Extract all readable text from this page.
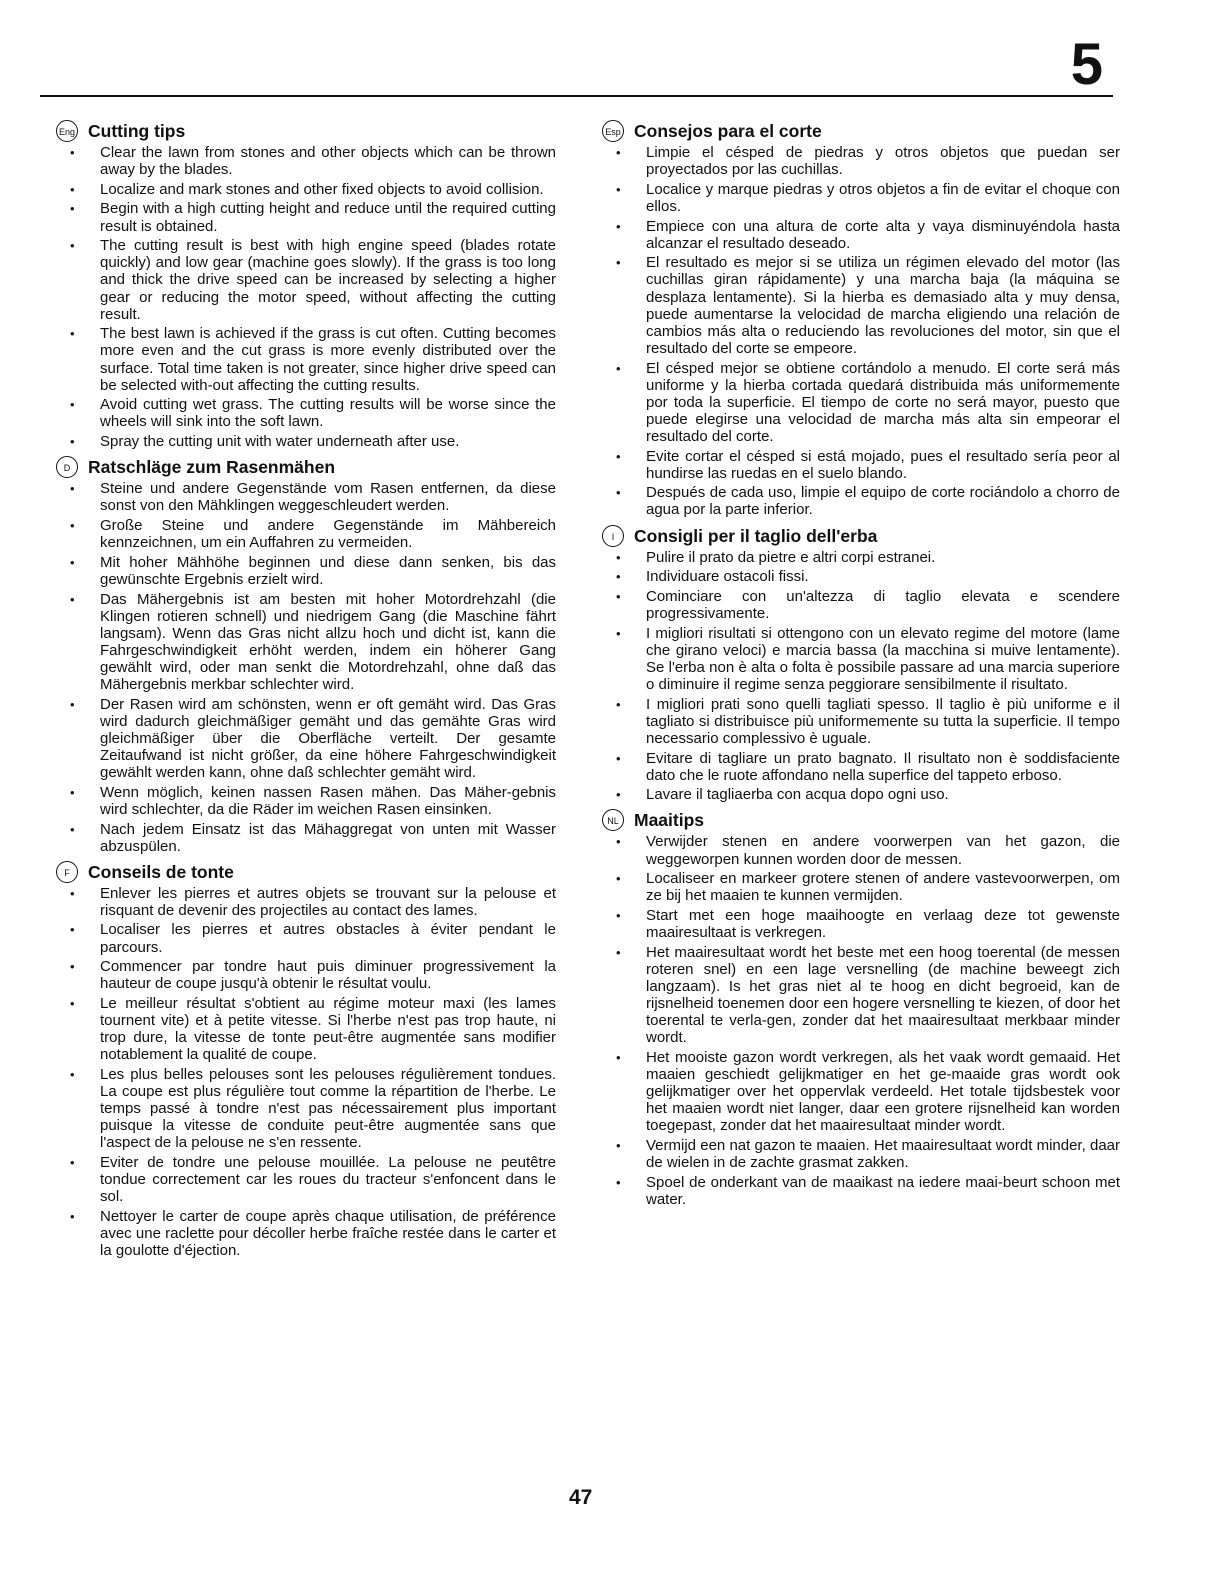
5
Eng Cutting tips
• Clear the lawn from stones and other objects which can be thrown away by the blades.
• Localize and mark stones and other fixed objects to avoid collision.
• Begin with a high cutting height and reduce until the required cutting result is obtained.
• The cutting result is best with high engine speed (blades rotate quickly) and low gear (machine goes slowly). If the grass is too long and thick the drive speed can be increased by selecting a higher gear or reducing the motor speed, without affecting the cutting result.
• The best lawn is achieved if the grass is cut often. Cutting becomes more even and the cut grass is more evenly distributed over the surface. Total time taken is not greater, since higher drive speed can be selected with-out affecting the cutting results.
• Avoid cutting wet grass. The cutting results will be worse since the wheels will sink into the soft lawn.
• Spray the cutting unit with water underneath after use.
D	Ratschläge zum Rasenmähen
• Steine und andere Gegenstände vom Rasen entfernen, da diese sonst von den Mähklingen weggeschleudert werden.
• Große Steine und andere Gegenstände im Mähbereich kennzeichnen, um ein Auffahren zu vermeiden.
• Mit hoher Mähhöhe beginnen und diese dann senken, bis das gewünschte Ergebnis erzielt wird.
• Das Mähergebnis ist am besten mit hoher Motordrehzahl (die Klingen rotieren schnell) und niedrigem Gang (die Maschine fährt langsam). Wenn das Gras nicht allzu hoch und dicht ist, kann die Fahrgeschwindigkeit erhöht werden, indem ein höherer Gang gewählt wird, oder man senkt die Motordrehzahl, ohne daß das Mähergebnis merkbar schlechter wird.
• Der Rasen wird am schönsten, wenn er oft gemäht wird. Das Gras wird dadurch gleichmäßiger gemäht und das gemähte Gras wird gleichmäßiger über die Oberfläche verteilt. Der gesamte Zeitaufwand ist nicht größer, da eine höhere Fahrgeschwindigkeit gewählt werden kann, ohne daß schlechter gemäht wird.
• Wenn möglich, keinen nassen Rasen mähen. Das Mäher-gebnis wird schlechter, da die Räder im weichen Rasen einsinken.
• Nach jedem Einsatz ist das Mähaggregat von unten mit Wasser abzuspülen.
F	Conseils de tonte
• Enlever les pierres et autres objets se trouvant sur la pelouse et risquant de devenir des projectiles au contact des lames.
• Localiser les pierres et autres obstacles à éviter pendant le parcours.
• Commencer par tondre haut puis diminuer progressivement la hauteur de coupe jusqu'à obtenir le résultat voulu.
• Le meilleur résultat s'obtient au régime moteur maxi (les lames tournent vite) et à petite vitesse. Si l'herbe n'est pas trop haute, ni trop dure, la vitesse de tonte peut-être augmentée sans modifier notablement la qualité de coupe.
• Les plus belles pelouses sont les pelouses régulièrement tondues. La coupe est plus régulière tout comme la répartition de l'herbe. Le temps passé à tondre n'est pas nécessairement plus important puisque la vitesse de conduite peut-être augmentée sans que l'aspect de la pelouse ne s'en ressente.
• Eviter de tondre une pelouse mouillée. La pelouse ne peutêtre tondue correctement car les roues du tracteur s'enfoncent dans le sol.
• Nettoyer le carter de coupe après chaque utilisation, de préférence avec une raclette pour décoller herbe fraîche restée dans le carter et la goulotte d'éjection.
Esp Consejos para el corte
• Limpie el césped de piedras y otros objetos que puedan ser proyectados por las cuchillas.
• Localice y marque piedras y otros objetos a fin de evitar el choque con ellos.
• Empiece con una altura de corte alta y vaya disminuyéndola hasta alcanzar el resultado deseado.
• El resultado es mejor si se utiliza un régimen elevado del motor (las cuchillas giran rápidamente) y una marcha baja (la máquina se desplaza lentamente). Si la hierba es demasiado alta y muy densa, puede aumentarse la velocidad de marcha eligiendo una relación de cambios más alta o reduciendo las revoluciones del motor, sin que el resultado del corte se empeore.
• El césped mejor se obtiene cortándolo a menudo. El corte será más uniforme y la hierba cortada quedará distribuida más uniformemente por toda la superficie. El tiempo de corte no será mayor, puesto que puede elegirse una velocidad de marcha más alta sin empeorar el resultado del corte.
• Evite cortar el césped si está mojado, pues el resultado sería peor al hundirse las ruedas en el suelo blando.
• Después de cada uso, limpie el equipo de corte rociándolo a chorro de agua por la parte inferior.
I	Consigli per il taglio dell'erba
• Pulire il prato da pietre e altri corpi estranei.
• Individuare ostacoli fissi.
• Cominciare con un'altezza di taglio elevata e scendere progressivamente.
• I migliori risultati si ottengono con un elevato regime del motore (lame che girano veloci) e marcia bassa (la macchina si muive lentamente). Se l'erba non è alta o folta è possibile passare ad una marcia superiore o diminuire il regime senza peggiorare sensibilmente il risultato.
• I migliori prati sono quelli tagliati spesso. Il taglio è più uniforme e il tagliato si distribuisce più uniformemente su tutta la superficie. Il tempo necessario complessivo è uguale.
• Evitare di tagliare un prato bagnato. Il risultato non è soddisfaciente dato che le ruote affondano nella superfice del tappeto erboso.
• Lavare il tagliaerba con acqua dopo ogni uso.
NL Maaitips
• Verwijder stenen en andere voorwerpen van het gazon, die weggeworpen kunnen worden door de messen.
• Localiseer en markeer grotere stenen of andere vastevoorwerpen, om ze bij het maaien te kunnen vermijden.
• Start met een hoge maaihoogte en verlaag deze tot gewenste maairesultaat is verkregen.
• Het maairesultaat wordt het beste met een hoog toerental (de messen roteren snel) en een lage versnelling (de machine beweegt zich langzaam). Is het gras niet al te hoog en dicht begroeid, kan de rijsnelheid toenemen door een hogere versnelling te kiezen, of door het toerental te verla-gen, zonder dat het maairesultaat merkbaar minder wordt.
• Het mooiste gazon wordt verkregen, als het vaak wordt gemaaid. Het maaien geschiedt gelijkmatiger en het ge-maaide gras wordt ook gelijkmatiger over het oppervlak verdeeld. Het totale tijdsbestek voor het maaien wordt niet langer, daar een grotere rijsnelheid kan worden toegepast, zonder dat het maairesultaat minder wordt.
• Vermijd een nat gazon te maaien. Het maairesultaat wordt minder, daar de wielen in de zachte grasmat zakken.
• Spoel de onderkant van de maaikast na iedere maai-beurt schoon met water.
47
